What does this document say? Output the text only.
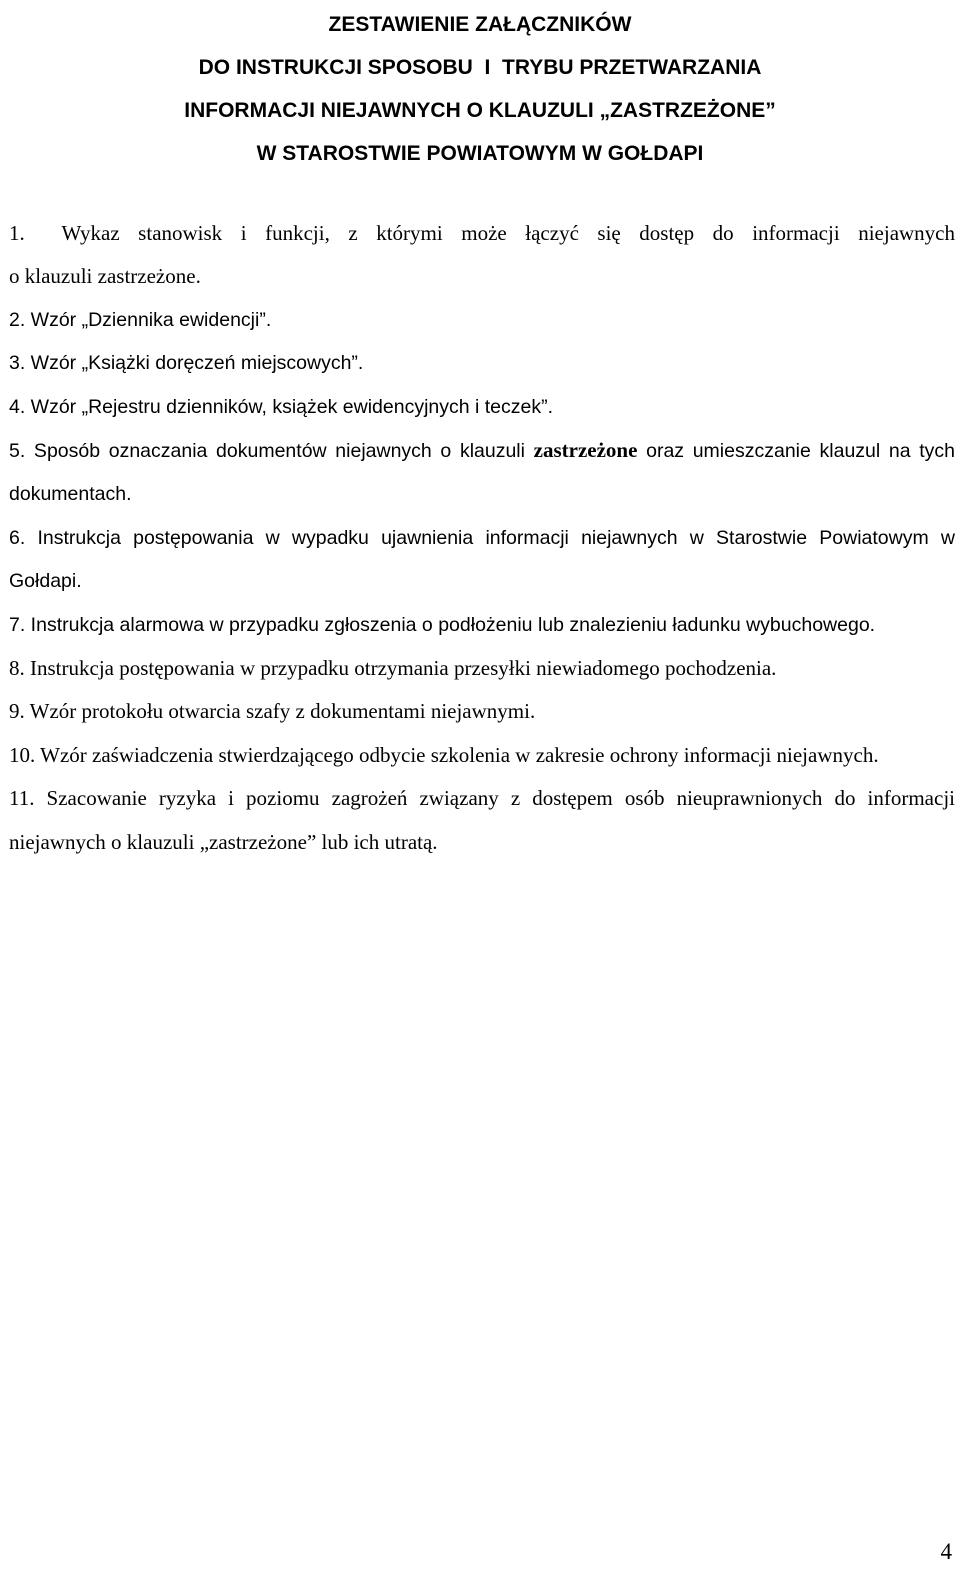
ZESTAWIENIE ZAŁĄCZNIKÓW
DO INSTRUKCJI SPOSOBU  I  TRYBU PRZETWARZANIA
INFORMACJI NIEJAWNYCH O KLAUZULI „ZASTRZEŻONE”
W STAROSTWIE POWIATOWYM W GOŁDAPI

1.  Wykaz stanowisk i funkcji, z którymi może łączyć się dostęp do informacji niejawnych
o klauzuli zastrzeżone.

2. Wzór „Dziennika ewidencji”.

3. Wzór „Książki doręczeń miejscowych”.

4. Wzór „Rejestru dzienników, książek ewidencyjnych i teczek”.

5. Sposób oznaczania dokumentów niejawnych o klauzuli zastrzeżone oraz umieszczanie klauzul na tych dokumentach.

6. Instrukcja postępowania w wypadku ujawnienia informacji niejawnych w Starostwie Powiatowym w Gołdapi.

7. Instrukcja alarmowa w przypadku zgłoszenia o podłożeniu lub znalezieniu ładunku wybuchowego.

8. Instrukcja postępowania w przypadku otrzymania przesyłki niewiadomego pochodzenia.

9. Wzór protokołu otwarcia szafy z dokumentami niejawnymi.

10. Wzór zaświadczenia stwierdzającego odbycie szkolenia w zakresie ochrony informacji niejawnych.

11. Szacowanie ryzyka i poziomu zagrożeń związany z dostępem osób nieuprawnionych do informacji niejawnych o klauzuli „zastrzeżone” lub ich utratą.

4
